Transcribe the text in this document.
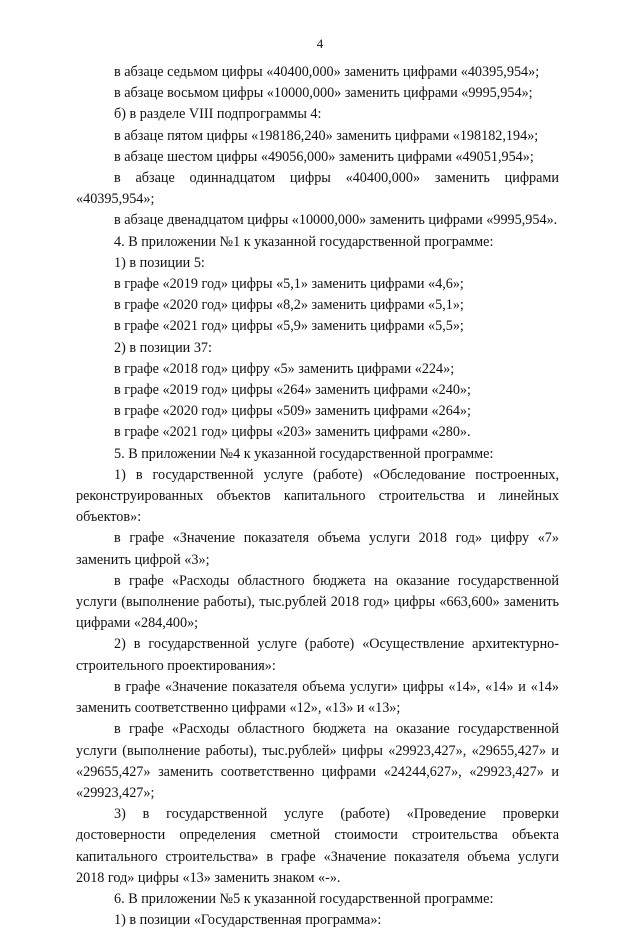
4

в абзаце седьмом цифры «40400,000» заменить цифрами «40395,954»;

в абзаце восьмом цифры «10000,000» заменить цифрами «9995,954»;

б) в разделе VIII подпрограммы 4:

в абзаце пятом цифры «198186,240» заменить цифрами «198182,194»;

в абзаце шестом цифры «49056,000» заменить цифрами «49051,954»;

в абзаце одиннадцатом цифры «40400,000» заменить цифрами «40395,954»;

в абзаце двенадцатом цифры «10000,000» заменить цифрами «9995,954».

4. В приложении №1 к указанной государственной программе:

1) в позиции 5:

в графе «2019 год» цифры «5,1» заменить цифрами «4,6»;

в графе «2020 год» цифры «8,2» заменить цифрами «5,1»;

в графе «2021 год» цифры «5,9» заменить цифрами «5,5»;

2) в позиции 37:

в графе «2018 год» цифру «5» заменить цифрами «224»;

в графе «2019 год» цифры «264» заменить цифрами «240»;

в графе «2020 год» цифры «509» заменить цифрами «264»;

в графе «2021 год» цифры «203» заменить цифрами «280».

5. В приложении №4 к указанной государственной программе:

1) в государственной услуге (работе) «Обследование построенных, реконструированных объектов капитального строительства и линейных объектов»:

в графе «Значение показателя объема услуги 2018 год» цифру «7» заменить цифрой «3»;

в графе «Расходы областного бюджета на оказание государственной услуги (выполнение работы), тыс.рублей 2018 год» цифры «663,600» заменить цифрами «284,400»;

2) в государственной услуге (работе) «Осуществление архитектурно-строительного проектирования»:

в графе «Значение показателя объема услуги» цифры «14», «14» и «14» заменить соответственно цифрами «12», «13» и «13»;

в графе «Расходы областного бюджета на оказание государственной услуги (выполнение работы), тыс.рублей» цифры «29923,427», «29655,427» и «29655,427» заменить соответственно цифрами «24244,627», «29923,427» и «29923,427»;

3) в государственной услуге (работе) «Проведение проверки достоверности определения сметной стоимости строительства объекта капитального строительства» в графе «Значение показателя объема услуги 2018 год» цифры «13» заменить знаком «-».

6. В приложении №5 к указанной государственной программе:

1) в позиции «Государственная программа»:
